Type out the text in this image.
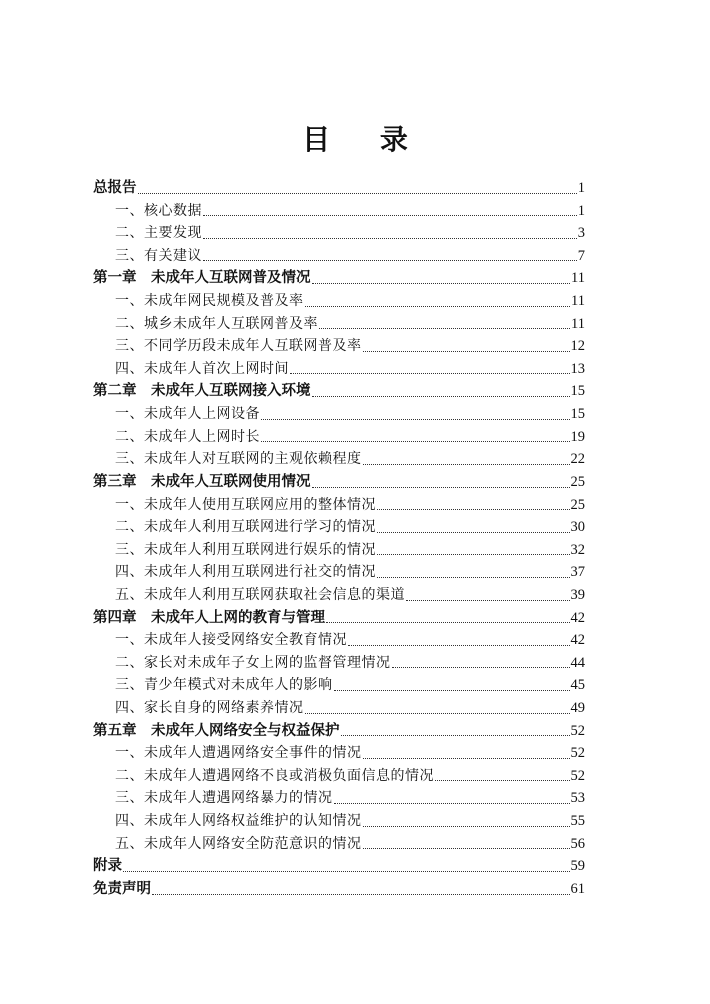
目 录
总报告	1
一、核心数据	1
二、主要发现	3
三、有关建议	7
第一章　未成年人互联网普及情况	11
一、未成年网民规模及普及率	11
二、城乡未成年人互联网普及率	11
三、不同学历段未成年人互联网普及率	12
四、未成年人首次上网时间	13
第二章　未成年人互联网接入环境	15
一、未成年人上网设备	15
二、未成年人上网时长	19
三、未成年人对互联网的主观依赖程度	22
第三章　未成年人互联网使用情况	25
一、未成年人使用互联网应用的整体情况	25
二、未成年人利用互联网进行学习的情况	30
三、未成年人利用互联网进行娱乐的情况	32
四、未成年人利用互联网进行社交的情况	37
五、未成年人利用互联网获取社会信息的渠道	39
第四章　未成年人上网的教育与管理	42
一、未成年人接受网络安全教育情况	42
二、家长对未成年子女上网的监督管理情况	44
三、青少年模式对未成年人的影响	45
四、家长自身的网络素养情况	49
第五章　未成年人网络安全与权益保护	52
一、未成年人遭遇网络安全事件的情况	52
二、未成年人遭遇网络不良或消极负面信息的情况	52
三、未成年人遭遇网络暴力的情况	53
四、未成年人网络权益维护的认知情况	55
五、未成年人网络安全防范意识的情况	56
附录	59
免责声明	61
